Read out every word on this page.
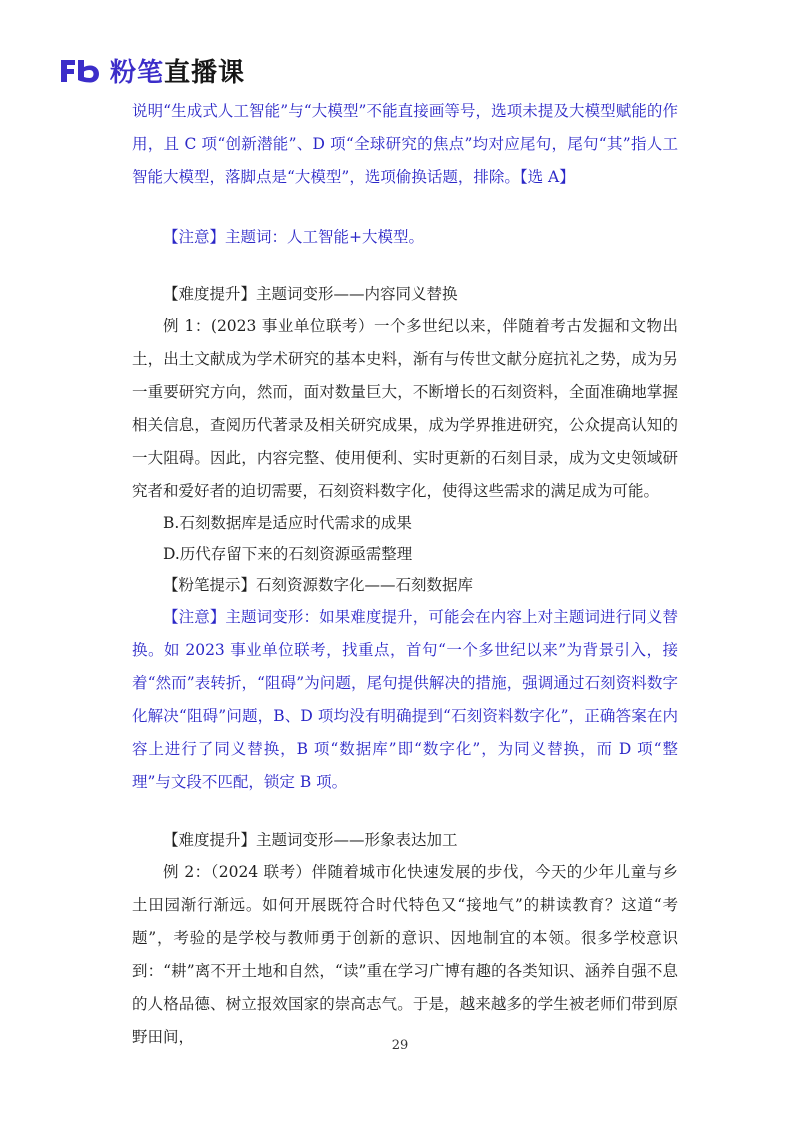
粉笔直播课

说明“生成式人工智能”与“大模型”不能直接画等号，选项未提及大模型赋能的作用，且 C 项“创新潜能”、D 项“全球研究的焦点”均对应尾句，尾句“其”指人工智能大模型，落脚点是“大模型”，选项偷换话题，排除。【选 A】

【注意】主题词：人工智能+大模型。

【难度提升】主题词变形——内容同义替换

例 1：(2023 事业单位联考）一个多世纪以来，伴随着考古发掘和文物出土，出土文献成为学术研究的基本史料，渐有与传世文献分庭抗礼之势，成为另一重要研究方向，然而，面对数量巨大，不断增长的石刻资料，全面准确地掌握相关信息，查阅历代著录及相关研究成果，成为学界推进研究，公众提高认知的一大阻碍。因此，内容完整、使用便利、实时更新的石刻目录，成为文史领域研究者和爱好者的迫切需要，石刻资料数字化，使得这些需求的满足成为可能。

B.石刻数据库是适应时代需求的成果

D.历代存留下来的石刻资源亟需整理

【粉笔提示】石刻资源数字化——石刻数据库

【注意】主题词变形：如果难度提升，可能会在内容上对主题词进行同义替换。如 2023 事业单位联考，找重点，首句“一个多世纪以来”为背景引入，接着“然而”表转折，“阻碍”为问题，尾句提供解决的措施，强调通过石刻资料数字化解决“阻碍”问题，B、D 项均没有明确提到“石刻资料数字化”，正确答案在内容上进行了同义替换，B 项“数据库”即“数字化”，为同义替换，而 D 项“整理”与文段不匹配，锁定 B 项。

【难度提升】主题词变形——形象表达加工

例 2：（2024 联考）伴随着城市化快速发展的步伐，今天的少年儿童与乡土田园渐行渐远。如何开展既符合时代特色又“接地气”的耕读教育？这道“考题”，考验的是学校与教师勇于创新的意识、因地制宜的本领。很多学校意识到：“耕”离不开土地和自然，“读”重在学习广博有趣的各类知识、涵养自强不息的人格品德、树立报效国家的崇高志气。于是，越来越多的学生被老师们带到原野田间，	29
